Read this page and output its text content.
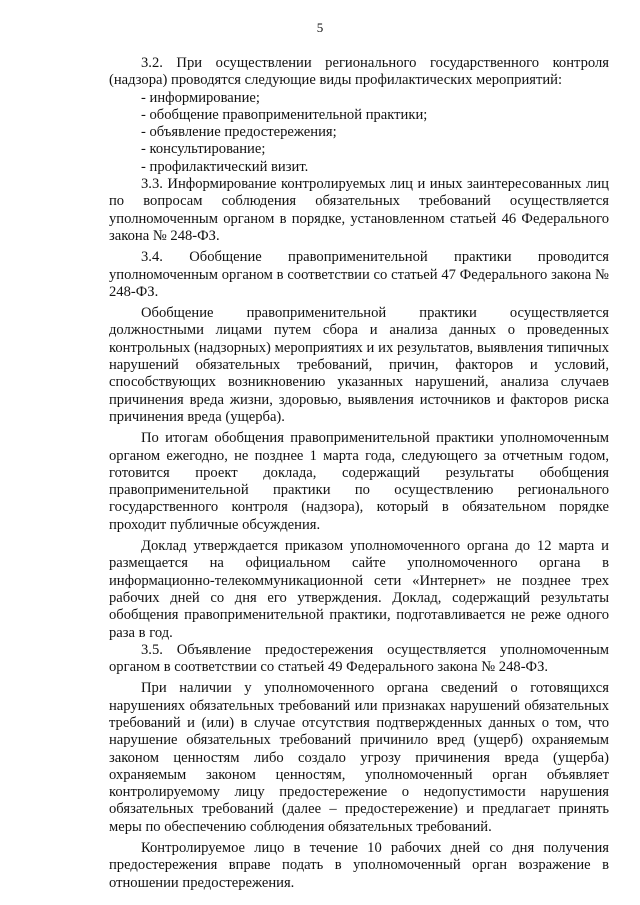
5

3.2. При осуществлении регионального государственного контроля (надзора) проводятся следующие виды профилактических мероприятий:

- информирование;

- обобщение правоприменительной практики;

- объявление предостережения;

- консультирование;

- профилактический визит.

3.3. Информирование контролируемых лиц и иных заинтересованных лиц по вопросам соблюдения обязательных требований осуществляется уполномоченным органом в порядке, установленном статьей 46 Федерального закона № 248-ФЗ.

3.4. Обобщение правоприменительной практики проводится уполномоченным органом в соответствии со статьей 47 Федерального закона № 248-ФЗ.

Обобщение правоприменительной практики осуществляется должностными лицами путем сбора и анализа данных о проведенных контрольных (надзорных) мероприятиях и их результатов, выявления типичных нарушений обязательных требований, причин, факторов и условий, способствующих возникновению указанных нарушений, анализа случаев причинения вреда жизни, здоровью, выявления источников и факторов риска причинения вреда (ущерба).

По итогам обобщения правоприменительной практики уполномоченным органом ежегодно, не позднее 1 марта года, следующего за отчетным годом, готовится проект доклада, содержащий результаты обобщения правоприменительной практики по осуществлению регионального государственного контроля (надзора), который в обязательном порядке проходит публичные обсуждения.

Доклад утверждается приказом уполномоченного органа до 12 марта и размещается на официальном сайте уполномоченного органа в информационно-телекоммуникационной сети «Интернет» не позднее трех рабочих дней со дня его утверждения. Доклад, содержащий результаты обобщения правоприменительной практики, подготавливается не реже одного раза в год.

3.5. Объявление предостережения осуществляется уполномоченным органом в соответствии со статьей 49 Федерального закона № 248-ФЗ.

При наличии у уполномоченного органа сведений о готовящихся нарушениях обязательных требований или признаках нарушений обязательных требований и (или) в случае отсутствия подтвержденных данных о том, что нарушение обязательных требований причинило вред (ущерб) охраняемым законом ценностям либо создало угрозу причинения вреда (ущерба) охраняемым законом ценностям, уполномоченный орган объявляет контролируемому лицу предостережение о недопустимости нарушения обязательных требований (далее – предостережение) и предлагает принять меры по обеспечению соблюдения обязательных требований.

Контролируемое лицо в течение 10 рабочих дней со дня получения предостережения вправе подать в уполномоченный орган возражение в отношении предостережения.
